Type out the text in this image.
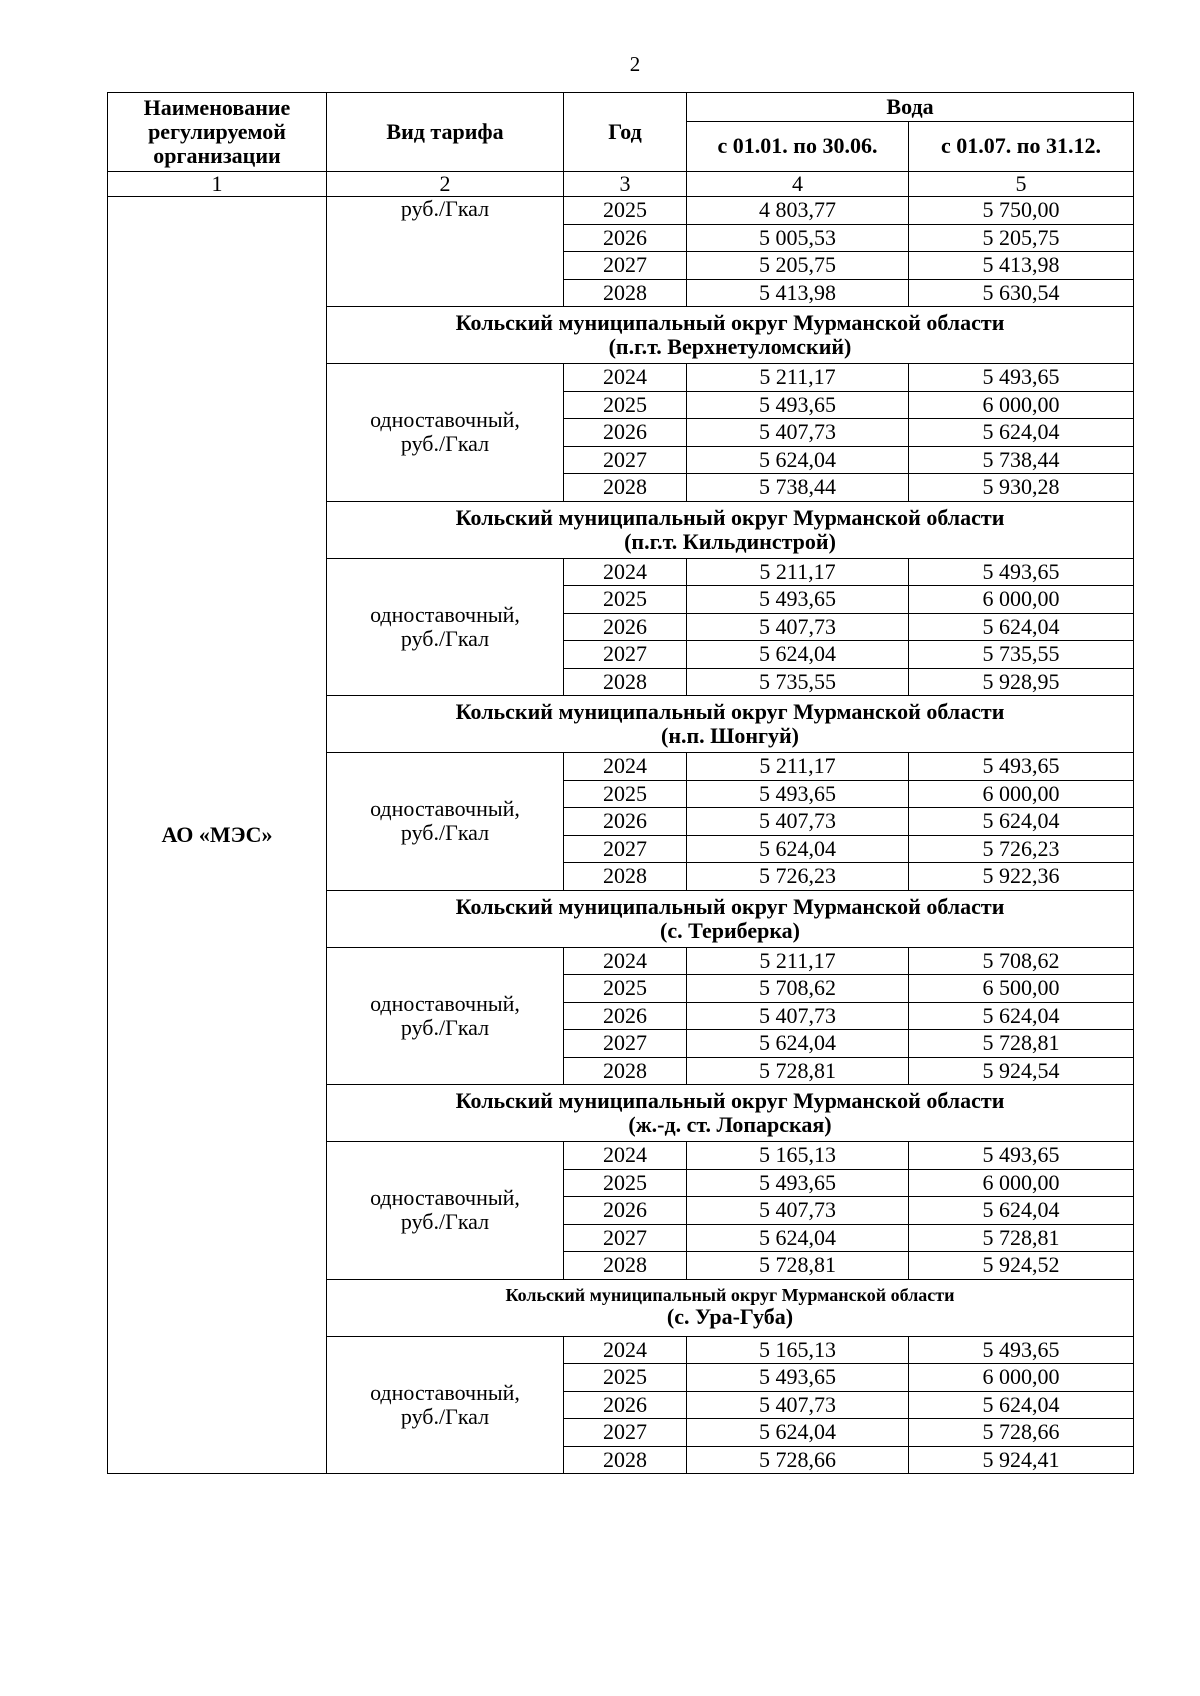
2
Наименование регулируемой организации	Вид тарифа	Год	Вода	
			с 01.01. по 30.06.	с 01.07. по 31.12.
1	2	3	4	5
АО «МЭС»	руб./Гкал	2025	4 803,77	5 750,00
		2026	5 005,53	5 205,75
		2027	5 205,75	5 413,98
		2028	5 413,98	5 630,54

	Кольский муниципальный округ Мурманской области
(п.г.т. Верхнетуломский)			

	одноставочный,
руб./Гкал	2024	5 211,17	5 493,65
		2025	5 493,65	6 000,00
		2026	5 407,73	5 624,04
		2027	5 624,04	5 738,44
		2028	5 738,44	5 930,28

	Кольский муниципальный округ Мурманской области
(п.г.т. Кильдинстрой)			

	одноставочный,
руб./Гкал	2024	5 211,17	5 493,65
		2025	5 493,65	6 000,00
		2026	5 407,73	5 624,04
		2027	5 624,04	5 735,55
		2028	5 735,55	5 928,95

	Кольский муниципальный округ Мурманской области
(н.п. Шонгуй)			

	одноставочный,
руб./Гкал	2024	5 211,17	5 493,65
		2025	5 493,65	6 000,00
		2026	5 407,73	5 624,04
		2027	5 624,04	5 726,23
		2028	5 726,23	5 922,36

	Кольский муниципальный округ Мурманской области
(с. Териберка)			

	одноставочный,
руб./Гкал	2024	5 211,17	5 708,62
		2025	5 708,62	6 500,00
		2026	5 407,73	5 624,04
		2027	5 624,04	5 728,81
		2028	5 728,81	5 924,54

	Кольский муниципальный округ Мурманской области
(ж.-д. ст. Лопарская)			

	одноставочный,
руб./Гкал	2024	5 165,13	5 493,65
		2025	5 493,65	6 000,00
		2026	5 407,73	5 624,04
		2027	5 624,04	5 728,81
		2028	5 728,81	5 924,52

	Кольский муниципальный округ Мурманской области
(с. Ура-Губа)			

	одноставочный,
руб./Гкал	2024	5 165,13	5 493,65
		2025	5 493,65	6 000,00
		2026	5 407,73	5 624,04
		2027	5 624,04	5 728,66
		2028	5 728,66	5 924,41
